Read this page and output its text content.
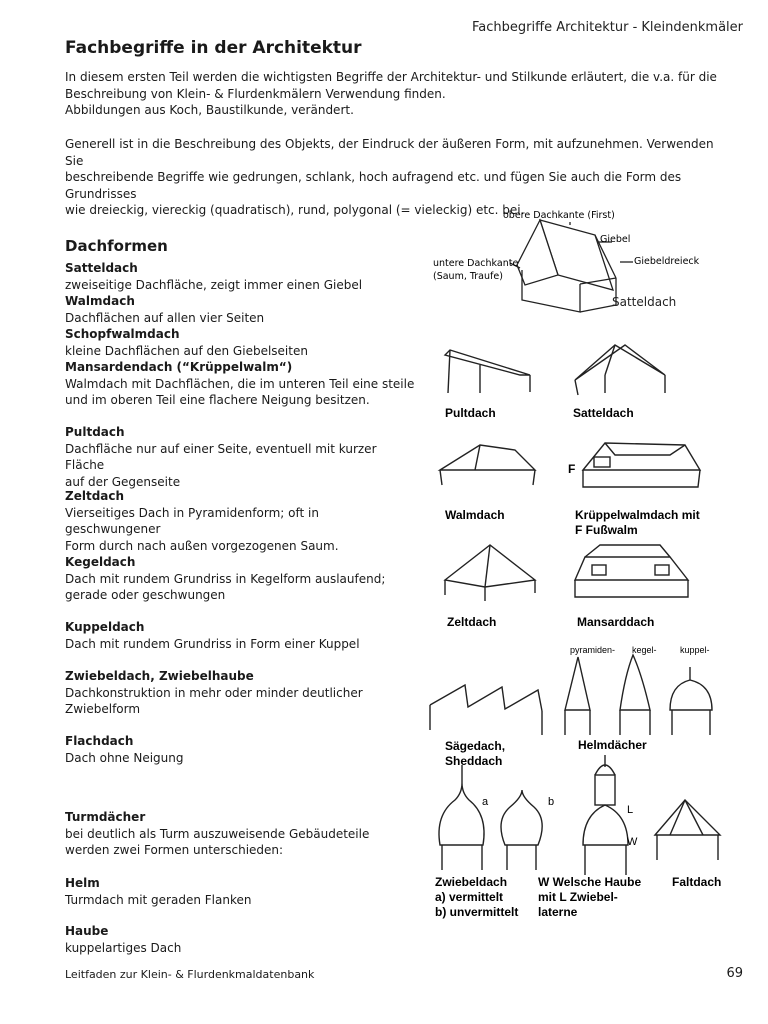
Fachbegriffe Architektur - Kleindenkmäler
Fachbegriffe in der Architektur
In diesem ersten Teil werden die wichtigsten Begriffe der Architektur- und Stilkunde erläutert, die v.a. für die
Beschreibung von Klein- & Flurdenkmälern Verwendung finden.
Abbildungen aus Koch, Baustilkunde, verändert.
Generell ist in die Beschreibung des Objekts, der Eindruck der äußeren Form, mit aufzunehmen. Verwenden Sie
beschreibende Begriffe wie gedrungen, schlank, hoch aufragend etc. und fügen Sie auch die Form des Grundrisses
wie dreieckig, viereckig (quadratisch), rund, polygonal (= vieleckig) etc. bei.
Dachformen
Satteldach
zweiseitige Dachfläche, zeigt immer einen Giebel
Walmdach
Dachflächen auf allen vier Seiten
Schopfwalmdach
kleine Dachflächen auf den Giebelseiten
Mansardendach (“Krüppelwalm“)
Walmdach mit Dachflächen, die im unteren Teil eine steile
und im oberen Teil eine flachere Neigung besitzen.
Pultdach
Dachfläche nur auf einer Seite, eventuell mit kurzer Fläche
auf der Gegenseite
Zeltdach
Vierseitiges Dach in Pyramidenform; oft in geschwungener
Form durch nach außen vorgezogenen Saum.
Kegeldach
Dach mit rundem Grundriss in Kegelform auslaufend;
gerade oder geschwungen
Kuppeldach
Dach mit rundem Grundriss in Form einer Kuppel
Zwiebeldach, Zwiebelhaube
Dachkonstruktion in mehr oder minder deutlicher
Zwiebelform
Flachdach
Dach ohne Neigung
Turmdächer
bei deutlich als Turm auszuweisende Gebäudeteile
werden zwei Formen unterschieden:
Helm
Turmdach mit geraden Flanken
Haube
kuppelartiges Dach
obere Dachkante (First)
Giebel
Giebeldreieck
untere Dachkante
(Saum, Traufe)
Satteldach
Pultdach	Satteldach
F
Walmdach	Krüppelwalmdach mit
F Fußwalm
Zeltdach	Mansarddach
pyramiden- kegel-	kuppel-
Sägedach,
Sheddach
Helmdächer
a	b
L
W
Zwiebeldach
a) vermittelt
b) unvermittelt
W Welsche Haube
mit L Zwiebel-
laterne
Faltdach
Leitfaden zur Klein- & Flurdenkmaldatenbank	69
